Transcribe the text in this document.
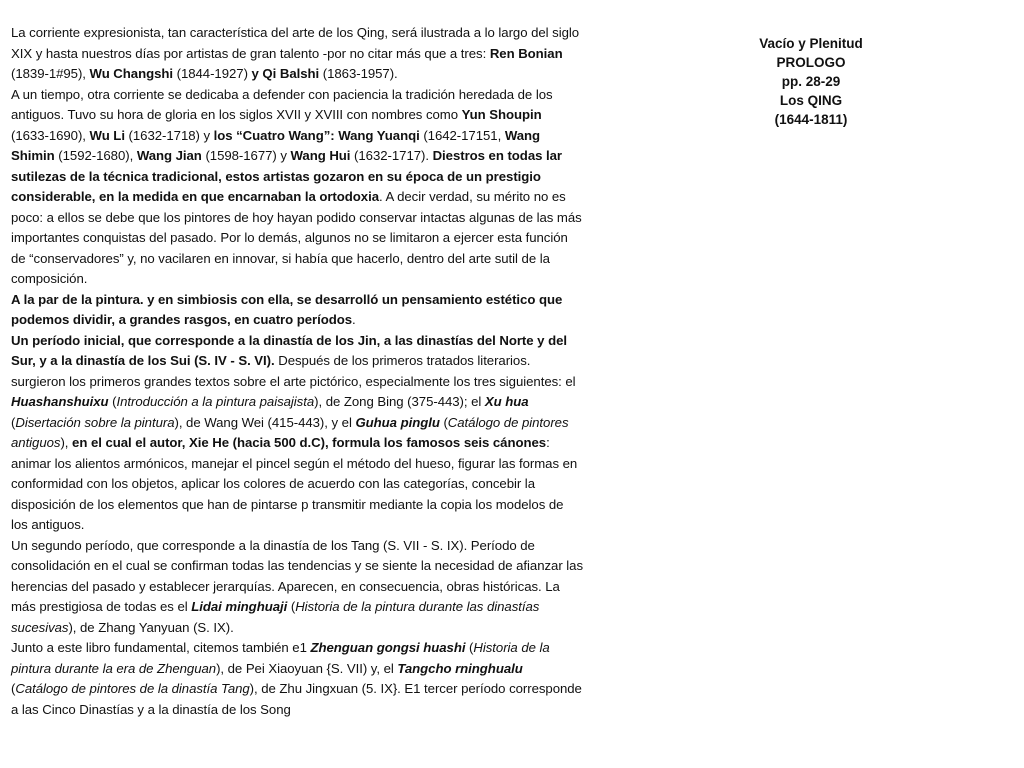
La corriente expresionista, tan característica del arte de los Qing, será ilustrada a lo largo del siglo XIX y hasta nuestros días por artistas de gran talento -por no citar más que a tres: Ren Bonian (1839-1#95), Wu Changshi (1844-1927) y Qi Balshi (1863-1957).

A un tiempo, otra corriente se dedicaba a defender con paciencia la tradición heredada de los antiguos. Tuvo su hora de gloria en los siglos XVII y XVIII con nombres como Yun Shoupin (1633-1690), Wu Li (1632-1718) y los “Cuatro Wang”: Wang Yuanqi (1642-17151, Wang Shimin (1592-1680), Wang Jian (1598-1677) y Wang Hui (1632-1717). Diestros en todas lar sutilezas de la técnica tradicional, estos artistas gozaron en su época de un prestigio considerable, en la medida en que encarnaban la ortodoxia. A decir verdad, su mérito no es poco: a ellos se debe que los pintores de hoy hayan podido conservar intactas algunas de las más importantes conquistas del pasado. Por lo demás, algunos no se limitaron a ejercer esta función de “conservadores” y, no vacilaren en innovar, si había que hacerlo, dentro del arte sutil de la composición.

A la par de la pintura. y en simbiosis con ella, se desarrolló un pensamiento estético que podemos dividir, a grandes rasgos, en cuatro períodos.

Un período inicial, que corresponde a la dinastía de los Jin, a las dinastías del Norte y del Sur, y a la dinastía de los Sui (S. IV - S. VI). Después de los primeros tratados literarios. surgieron los primeros grandes textos sobre el arte pictórico, especialmente los tres siguientes: el Huashanshuixu (Introducción a la pintura paisajista), de Zong Bing (375-443); el Xu hua (Disertación sobre la pintura), de Wang Wei (415-443), y el Guhua pinglu (Catálogo de pintores antiguos), en el cual el autor, Xie He (hacia 500 d.C), formula los famosos seis cánones: animar los alientos armónicos, manejar el pincel según el método del hueso, figurar las formas en conformidad con los objetos, aplicar los colores de acuerdo con las categorías, concebir la disposición de los elementos que han de pintarse p transmitir mediante la copia los modelos de los antiguos.

Un segundo período, que corresponde a la dinastía de los Tang (S. VII - S. IX). Período de consolidación en el cual se confirman todas las tendencias y se siente la necesidad de afianzar las herencias del pasado y establecer jerarquías. Aparecen, en consecuencia, obras históricas. La más prestigiosa de todas es el Lidai minghuaji (Historia de la pintura durante las dinastías sucesivas), de Zhang Yanyuan (S. IX).

Junto a este libro fundamental, citemos también e1 Zhenguan gongsi huashi (Historia de la pintura durante la era de Zhenguan), de Pei Xiaoyuan {S. VII) y, el Tangcho rninghualu (Catálogo de pintores de la dinastía Tang), de Zhu Jingxuan (5. IX}. E1 tercer período corresponde a las Cinco Dinastías y a la dinastía de los Song

Vacío y Plenitud
PROLOGO
pp. 28-29
Los QING
(1644-1811)
